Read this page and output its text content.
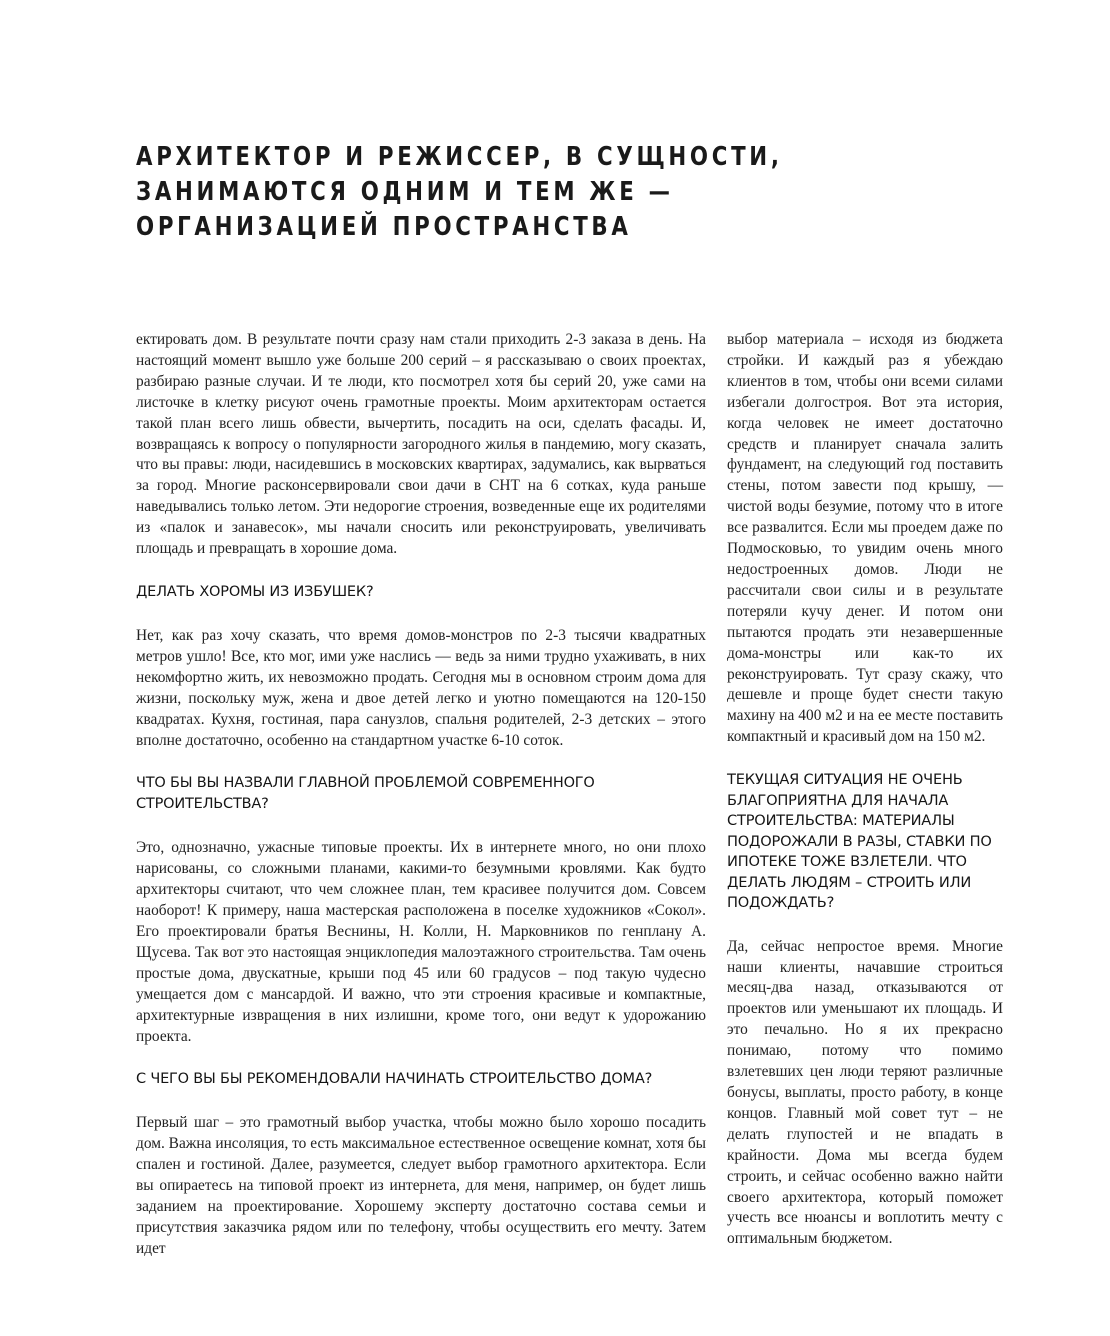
АРХИТЕКТОР И РЕЖИССЕР, В СУЩНОСТИ,
ЗАНИМАЮТСЯ ОДНИМ И ТЕМ ЖЕ —
ОРГАНИЗАЦИЕЙ ПРОСТРАНСТВА

ектировать дом. В результате почти сразу нам стали приходить 2-3 заказа в день. На настоящий момент вышло уже больше 200 серий – я рассказываю о своих проектах, разбираю разные случаи. И те люди, кто посмотрел хотя бы серий 20, уже сами на листочке в клетку рисуют очень грамотные проекты. Моим архитекторам остается такой план всего лишь обвести, вычертить, посадить на оси, сделать фасады. И, возвращаясь к вопросу о популярности загородного жилья в пандемию, могу сказать, что вы правы: люди, насидевшись в московских квартирах, задумались, как вырваться за город. Многие расконсервировали свои дачи в СНТ на 6 сотках, куда раньше наведывались только летом. Эти недорогие строения, возведенные еще их родителями из «палок и занавесок», мы начали сносить или реконструировать, увеличивать площадь и превращать в хорошие дома.

ДЕЛАТЬ ХОРОМЫ ИЗ ИЗБУШЕК?

Нет, как раз хочу сказать, что время домов-монстров по 2-3 тысячи квадратных метров ушло! Все, кто мог, ими уже наслись — ведь за ними трудно ухаживать, в них некомфортно жить, их невозможно продать. Сегодня мы в основном строим дома для жизни, поскольку муж, жена и двое детей легко и уютно помещаются на 120-150 квадратах. Кухня, гостиная, пара санузлов, спальня родителей, 2-3 детских – этого вполне достаточно, особенно на стандартном участке 6-10 соток.

ЧТО БЫ ВЫ НАЗВАЛИ ГЛАВНОЙ ПРОБЛЕМОЙ СОВРЕМЕННОГО СТРОИТЕЛЬСТВА?

Это, однозначно, ужасные типовые проекты. Их в интернете много, но они плохо нарисованы, со сложными планами, какими-то безумными кровлями. Как будто архитекторы считают, что чем сложнее план, тем красивее получится дом. Совсем наоборот! К примеру, наша мастерская расположена в поселке художников «Сокол». Его проектировали братья Веснины, Н. Колли, Н. Марковников по генплану А. Щусева. Так вот это настоящая энциклопедия малоэтажного строительства. Там очень простые дома, двускатные, крыши под 45 или 60 градусов – под такую чудесно умещается дом с мансардой. И важно, что эти строения красивые и компактные, архитектурные извращения в них излишни, кроме того, они ведут к удорожанию проекта.

С ЧЕГО ВЫ БЫ РЕКОМЕНДОВАЛИ НАЧИНАТЬ СТРОИТЕЛЬСТВО ДОМА?

Первый шаг – это грамотный выбор участка, чтобы можно было хорошо посадить дом. Важна инсоляция, то есть максимальное естественное освещение комнат, хотя бы спален и гостиной. Далее, разумеется, следует выбор грамотного архитектора. Если вы опираетесь на типовой проект из интернета, для меня, например, он будет лишь заданием на проектирование. Хорошему эксперту достаточно состава семьи и присутствия заказчика рядом или по телефону, чтобы осуществить его мечту. Затем идет

выбор материала – исходя из бюджета стройки. И каждый раз я убеждаю клиентов в том, чтобы они всеми силами избегали долгостроя. Вот эта история, когда человек не имеет достаточно средств и планирует сначала залить фундамент, на следующий год поставить стены, потом завести под крышу, — чистой воды безумие, потому что в итоге все развалится. Если мы проедем даже по Подмосковью, то увидим очень много недостроенных домов. Люди не рассчитали свои силы и в результате потеряли кучу денег. И потом они пытаются продать эти незавершенные дома-монстры или как-то их реконструировать. Тут сразу скажу, что дешевле и проще будет снести такую махину на 400 м2 и на ее месте поставить компактный и красивый дом на 150 м2.

ТЕКУЩАЯ СИТУАЦИЯ НЕ ОЧЕНЬ БЛАГОПРИЯТНА ДЛЯ НАЧАЛА СТРОИТЕЛЬСТВА: МАТЕРИАЛЫ ПОДОРОЖАЛИ В РАЗЫ, СТАВКИ ПО ИПОТЕКЕ ТОЖЕ ВЗЛЕТЕЛИ. ЧТО ДЕЛАТЬ ЛЮДЯМ – СТРОИТЬ ИЛИ ПОДОЖДАТЬ?

Да, сейчас непростое время. Многие наши клиенты, начавшие строиться месяц-два назад, отказываются от проектов или уменьшают их площадь. И это печально. Но я их прекрасно понимаю, потому что помимо взлетевших цен люди теряют различные бонусы, выплаты, просто работу, в конце концов. Главный мой совет тут – не делать глупостей и не впадать в крайности. Дома мы всегда будем строить, и сейчас особенно важно найти своего архитектора, который поможет учесть все нюансы и воплотить мечту с оптимальным бюджетом.
